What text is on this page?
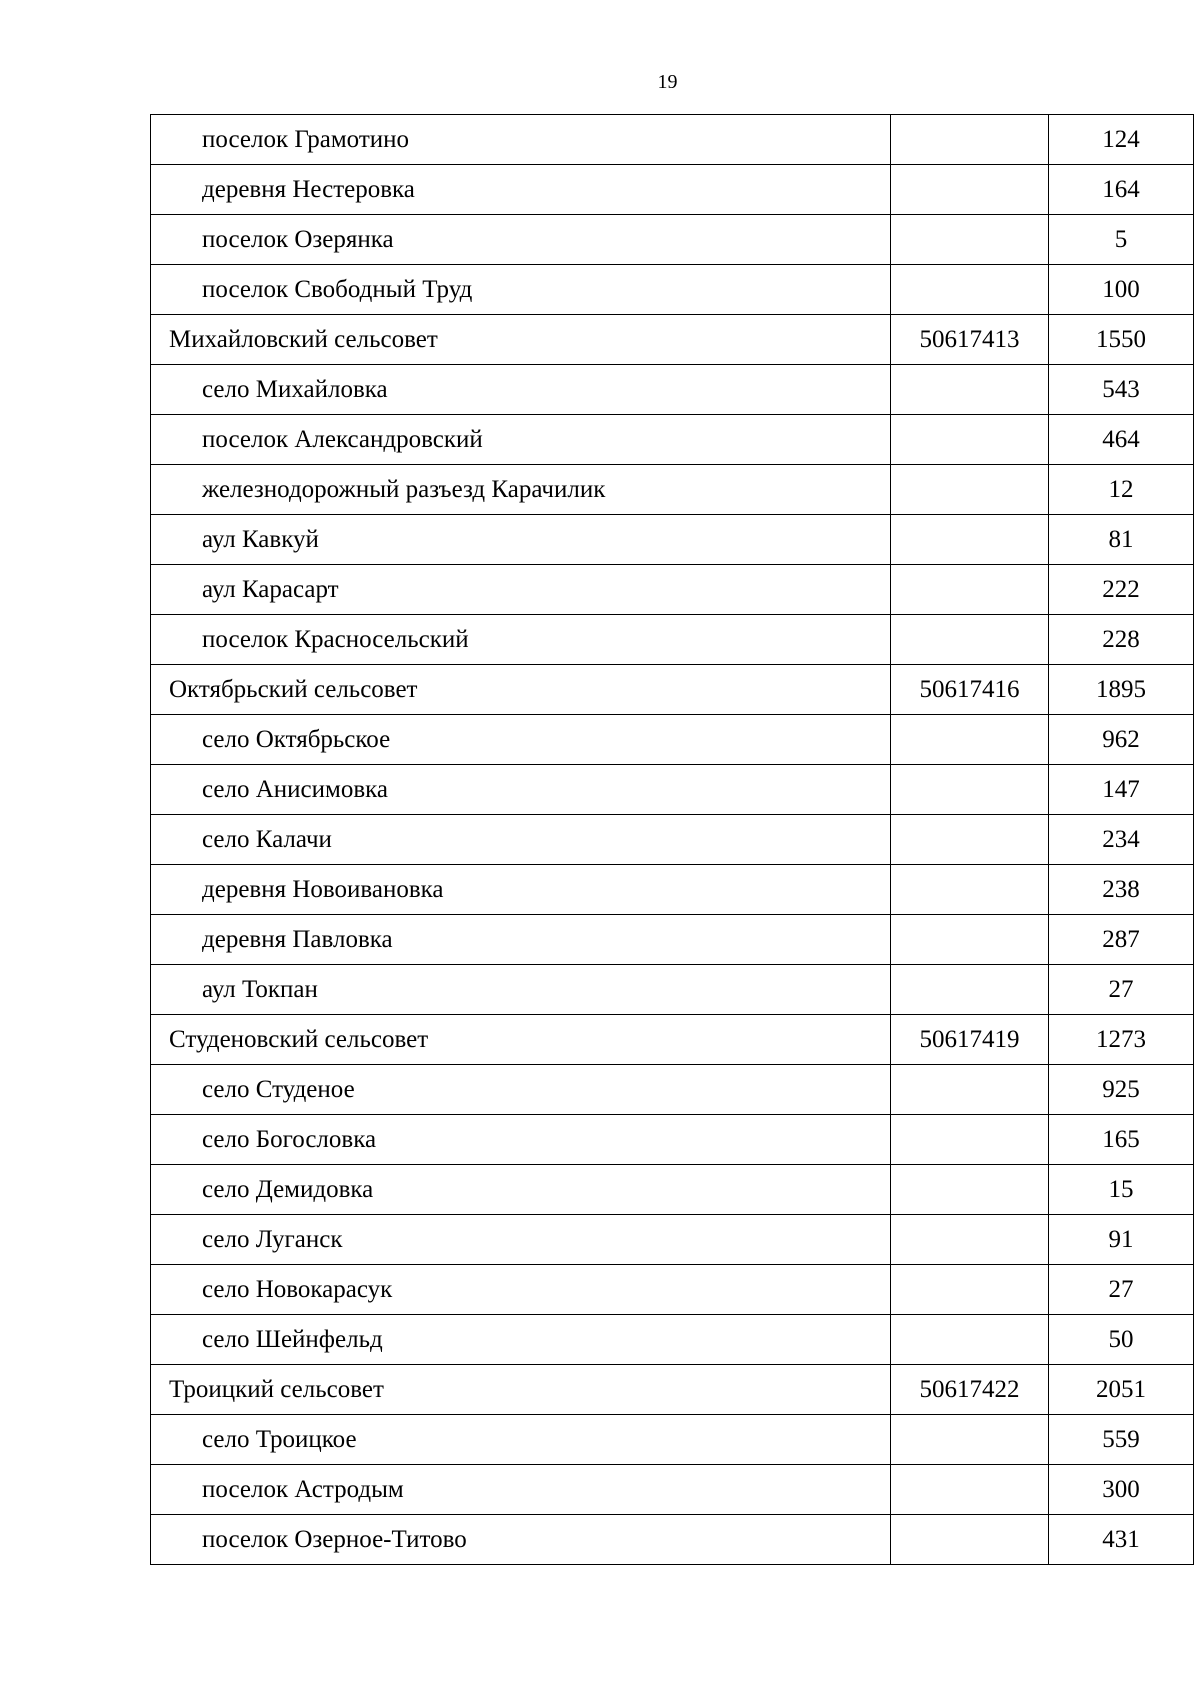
19
поселок Грамотино		124
деревня Нестеровка		164
поселок Озерянка		5
поселок Свободный Труд		100
Михайловский сельсовет	50617413	1550
село Михайловка		543
поселок Александровский		464
железнодорожный разъезд Карачилик		12
аул Кавкуй		81
аул Карасарт		222
поселок Красносельский		228
Октябрьский сельсовет	50617416	1895
село Октябрьское		962
село Анисимовка		147
село Калачи		234
деревня Новоивановка		238
деревня Павловка		287
аул Токпан		27
Студеновский сельсовет	50617419	1273
село Студеное		925
село Богословка		165
село Демидовка		15
село Луганск		91
село Новокарасук		27
село Шейнфельд		50
Троицкий сельсовет	50617422	2051
село Троицкое		559
поселок Астродым		300
поселок Озерное-Титово		431
